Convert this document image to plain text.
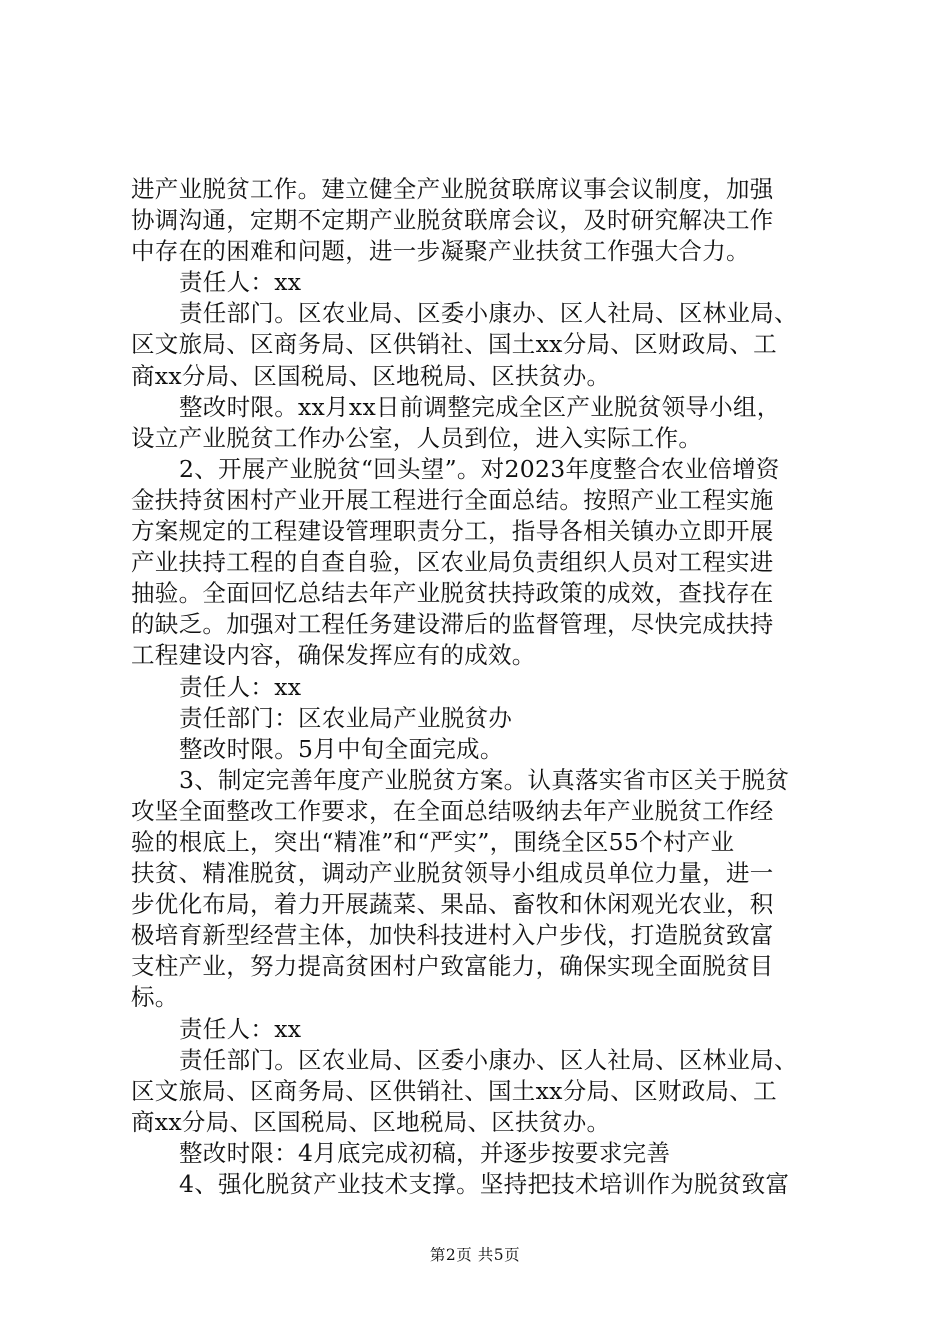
进产业脱贫工作。建立健全产业脱贫联席议事会议制度，加强
协调沟通，定期不定期产业脱贫联席会议，及时研究解决工作
中存在的困难和问题，进一步凝聚产业扶贫工作强大合力。
责任人：xx
责任部门。区农业局、区委小康办、区人社局、区林业局、
区文旅局、区商务局、区供销社、国土xx分局、区财政局、工
商xx分局、区国税局、区地税局、区扶贫办。
整改时限。xx月xx日前调整完成全区产业脱贫领导小组，
设立产业脱贫工作办公室，人员到位，进入实际工作。
2、开展产业脱贫“回头望”。对2023年度整合农业倍增资
金扶持贫困村产业开展工程进行全面总结。按照产业工程实施
方案规定的工程建设管理职责分工，指导各相关镇办立即开展
产业扶持工程的自查自验，区农业局负责组织人员对工程实进
抽验。全面回忆总结去年产业脱贫扶持政策的成效，查找存在
的缺乏。加强对工程任务建设滞后的监督管理，尽快完成扶持
工程建设内容，确保发挥应有的成效。
责任人：xx
责任部门：区农业局产业脱贫办
整改时限。5月中旬全面完成。
3、制定完善年度产业脱贫方案。认真落实省市区关于脱贫
攻坚全面整改工作要求，在全面总结吸纳去年产业脱贫工作经
验的根底上，突出“精准”和“严实”，围绕全区55个村产业
扶贫、精准脱贫，调动产业脱贫领导小组成员单位力量，进一
步优化布局，着力开展蔬菜、果品、畜牧和休闲观光农业，积
极培育新型经营主体，加快科技进村入户步伐，打造脱贫致富
支柱产业，努力提高贫困村户致富能力，确保实现全面脱贫目
标。
责任人：xx
责任部门。区农业局、区委小康办、区人社局、区林业局、
区文旅局、区商务局、区供销社、国土xx分局、区财政局、工
商xx分局、区国税局、区地税局、区扶贫办。
整改时限：4月底完成初稿，并逐步按要求完善
4、强化脱贫产业技术支撑。坚持把技术培训作为脱贫致富
第2页 共5页
